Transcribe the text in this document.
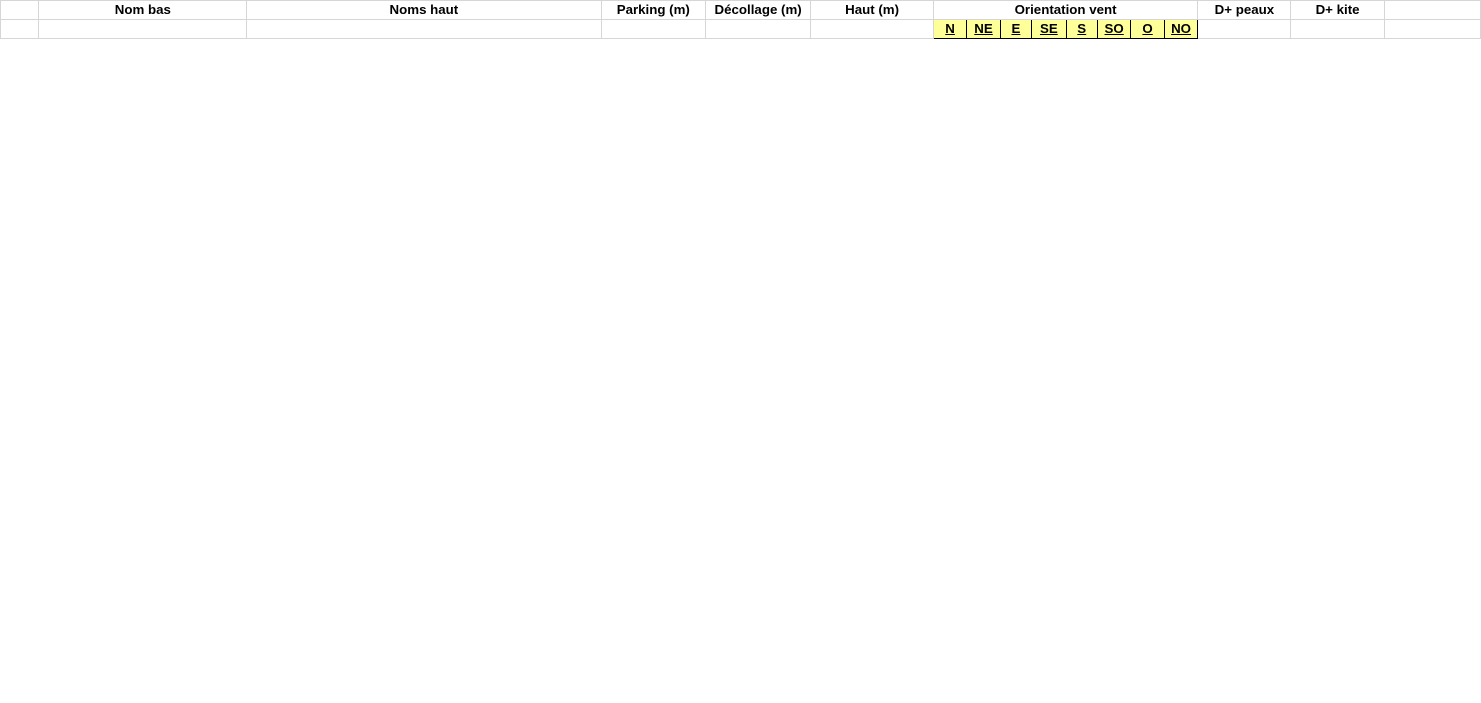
	Nom bas	Noms haut	Parking (m)	Décollage (m)	Haut (m)	Orientation vent								D+ peaux	D+ kite	
						N	NE	E	SE	S	SO	O	NO			
